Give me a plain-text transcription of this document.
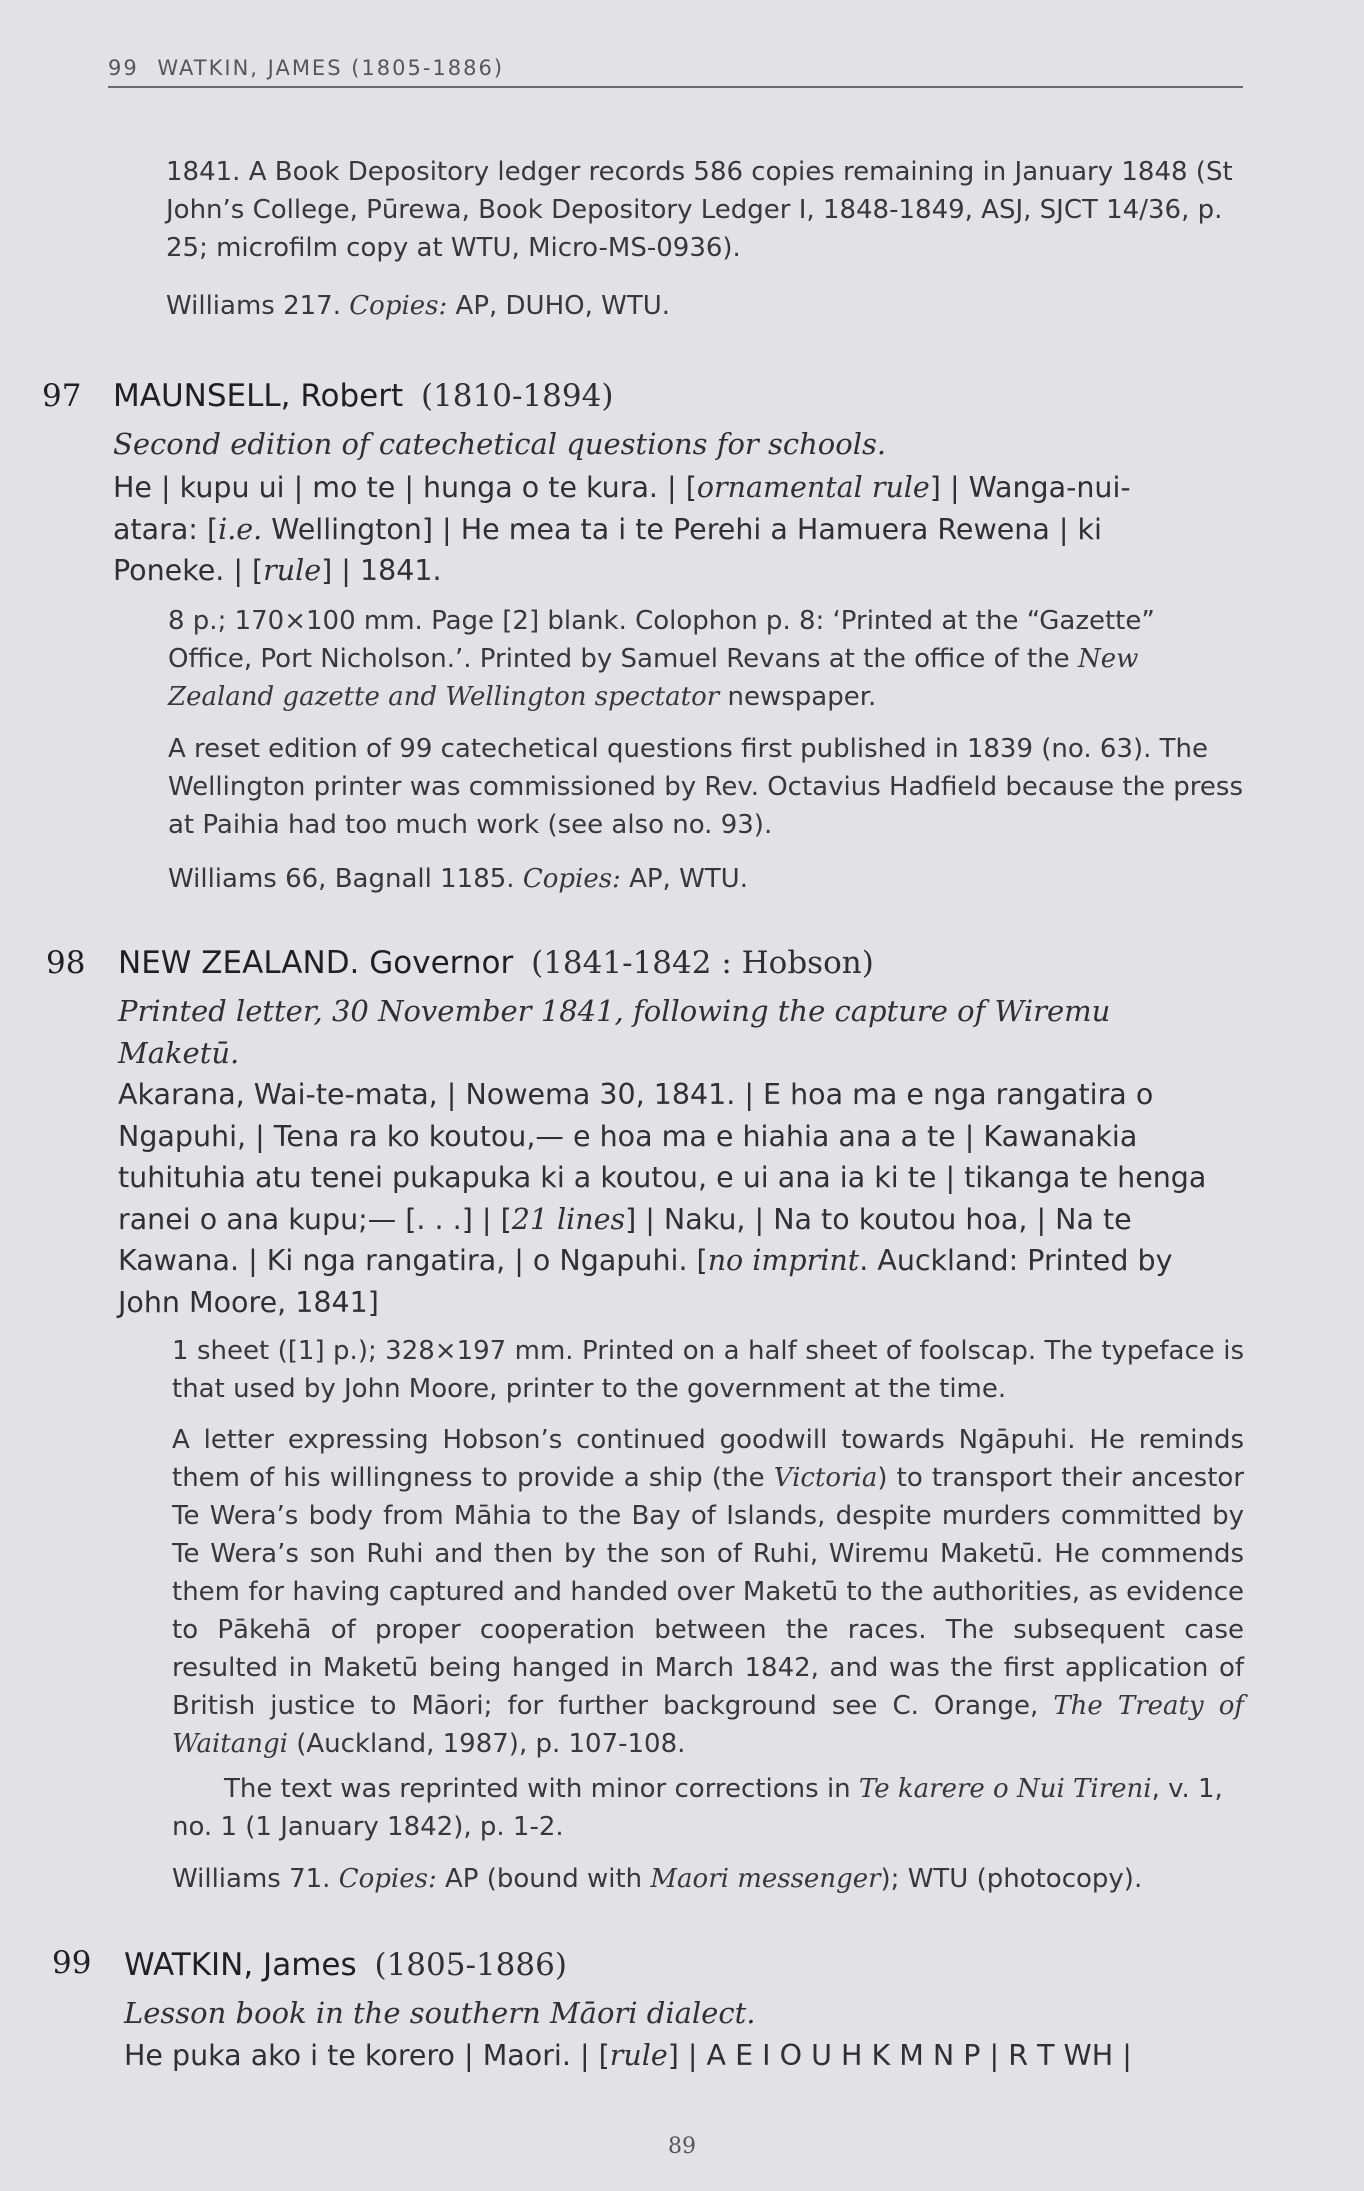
99 WATKIN, JAMES (1805-1886)

1841. A Book Depository ledger records 586 copies remaining in January 1848 (St John’s College, Pūrewa, Book Depository Ledger I, 1848-1849, ASJ, SJCT 14/36, p. 25; microfilm copy at WTU, Micro-MS-0936).

Williams 217. Copies: AP, DUHO, WTU.

97 MAUNSELL, Robert (1810-1894)
Second edition of catechetical questions for schools.
He | kupu ui | mo te | hunga o te kura. | [ornamental rule] | Wanga-nui-atara: [i.e. Wellington] | He mea ta i te Perehi a Hamuera Rewena | ki Poneke. | [rule] | 1841.

8 p.; 170×100 mm. Page [2] blank. Colophon p. 8: ‘Printed at the “Gazette” Office, Port Nicholson.’. Printed by Samuel Revans at the office of the New Zealand gazette and Wellington spectator newspaper.

A reset edition of 99 catechetical questions first published in 1839 (no. 63). The Wellington printer was commissioned by Rev. Octavius Hadfield because the press at Paihia had too much work (see also no. 93).

Williams 66, Bagnall 1185. Copies: AP, WTU.

98 NEW ZEALAND. Governor (1841-1842 : Hobson)
Printed letter, 30 November 1841, following the capture of Wiremu Maketū.
Akarana, Wai-te-mata, | Nowema 30, 1841. | E hoa ma e nga rangatira o Ngapuhi, | Tena ra ko koutou,— e hoa ma e hiahia ana a te | Kawanakia tuhituhia atu tenei pukapuka ki a koutou, e ui ana ia ki te | tikanga te henga ranei o ana kupu;— [. . .] | [21 lines] | Naku, | Na to koutou hoa, | Na te Kawana. | Ki nga rangatira, | o Ngapuhi. [no imprint. Auckland: Printed by John Moore, 1841]

1 sheet ([1] p.); 328×197 mm. Printed on a half sheet of foolscap. The typeface is that used by John Moore, printer to the government at the time.

A letter expressing Hobson’s continued goodwill towards Ngāpuhi. He reminds them of his willingness to provide a ship (the Victoria) to transport their ancestor Te Wera’s body from Māhia to the Bay of Islands, despite murders committed by Te Wera’s son Ruhi and then by the son of Ruhi, Wiremu Maketū. He commends them for having captured and handed over Maketū to the authorities, as evidence to Pākehā of proper cooperation between the races. The subsequent case resulted in Maketū being hanged in March 1842, and was the first application of British justice to Māori; for further background see C. Orange, The Treaty of Waitangi (Auckland, 1987), p. 107-108.

The text was reprinted with minor corrections in Te karere o Nui Tireni, v. 1, no. 1 (1 January 1842), p. 1-2.

Williams 71. Copies: AP (bound with Maori messenger); WTU (photocopy).

99 WATKIN, James (1805-1886)
Lesson book in the southern Māori dialect.
He puka ako i te korero | Maori. | [rule] | A E I O U H K M N P | R T WH |
89
